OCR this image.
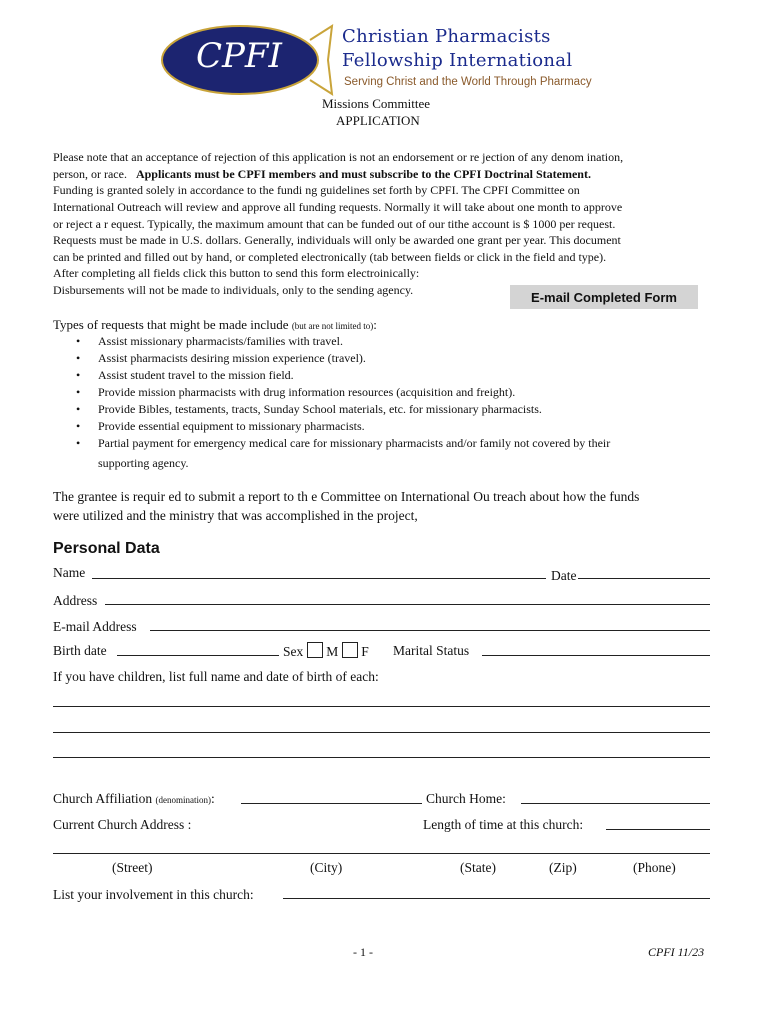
CPFI	Christian Pharmacists
Fellowship International
Serving Christ and the World Through Pharmacy
Missions Committee
APPLICATION
Please note that an acceptance of rejection of this application is not an endorsement or re jection of any denom ination,
person, or race. Applicants must be CPFI members and must subscribe to the CPFI Doctrinal Statement.
Funding is granted solely in accordance to the fundi ng guidelines set forth by CPFI. The CPFI Committee on
International Outreach will review and approve all funding requests. Normally it will take about one month to approve
or reject a r equest. Typically, the maximum amount that can be funded out of our tithe account is $ 1000 per request.
Requests must be made in U.S. dollars. Generally, individuals will only be awarded one grant per year. This document
can be printed and filled out by hand, or completed electronically (tab between fields or click in the field and type).
After completing all fields click this button to send this form electroinically:
Disbursements will not be made to individuals, only to the sending agency.	E-mail Completed Form
Types of requests that might be made include (but are not limited to):
• Assist missionary pharmacists/families with travel.
• Assist pharmacists desiring mission experience (travel).
• Assist student travel to the mission field.
• Provide mission pharmacists with drug information resources (acquisition and freight).
• Provide Bibles, testaments, tracts, Sunday School materials, etc. for missionary pharmacists.
• Provide essential equipment to missionary pharmacists.
• Partial payment for emergency medical care for missionary pharmacists and/or family not covered by their
supporting agency.
The grantee is requir ed to submit a report to th e Committee on International Ou treach about how the funds
were utilized and the ministry that was accomplished in the project,
Personal Data
Name	Date
Address
E-mail Address
Birth date	Sex M F Marital Status
If you have children, list full name and date of birth of each:
Church Affiliation (denomination):	Church Home:
Current Church Address :	Length of time at this church:
(Street)	(City)	(State)	(Zip)	(Phone)
List your involvement in this church:
- 1 -	CPFI 11/23
